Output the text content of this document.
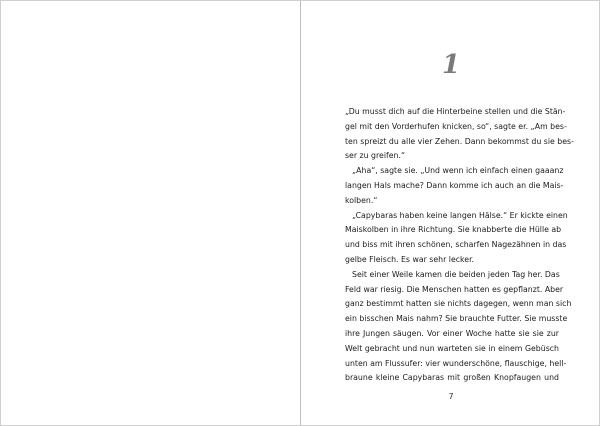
1
„Du musst dich auf die Hinterbeine stellen und die Stän-
gel mit den Vorderhufen knicken, so“, sagte er. „Am bes-
ten spreizt du alle vier Zehen. Dann bekommst du sie bes-
ser zu greifen.“
„Aha“, sagte sie. „Und wenn ich einfach einen gaaanz
langen Hals mache? Dann komme ich auch an die Mais-
kolben.“
„Capybaras haben keine langen Hälse.“ Er kickte einen
Maiskolben in ihre Richtung. Sie knabberte die Hülle ab
und biss mit ihren schönen, scharfen Nagezähnen in das
gelbe Fleisch. Es war sehr lecker.
Seit einer Weile kamen die beiden jeden Tag her. Das
Feld war riesig. Die Menschen hatten es gepflanzt. Aber
ganz bestimmt hatten sie nichts dagegen, wenn man sich
ein bisschen Mais nahm? Sie brauchte Futter. Sie musste
ihre Jungen säugen. Vor einer Woche hatte sie sie zur
Welt gebracht und nun warteten sie in einem Gebüsch
unten am Flussufer: vier wunderschöne, flauschige, hell-
braune kleine Capybaras mit großen Knopfaugen und
7
